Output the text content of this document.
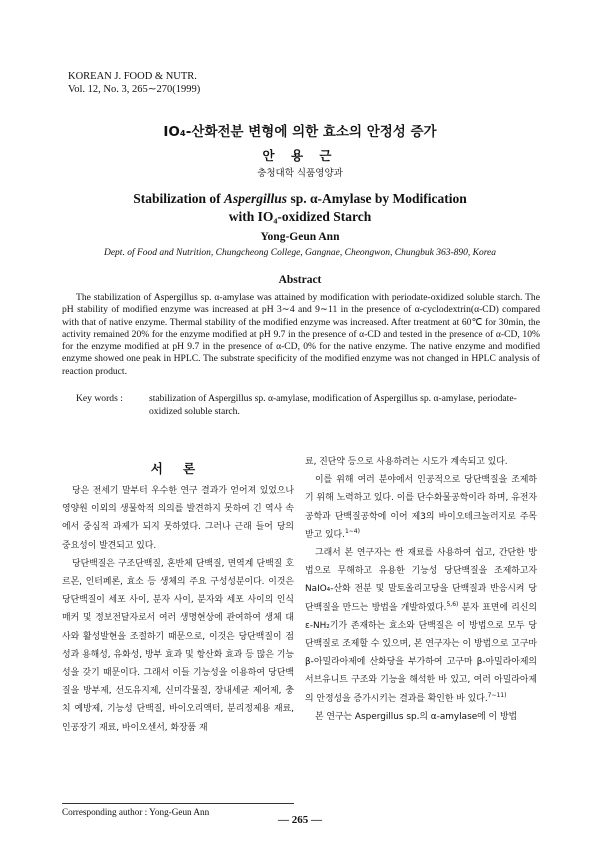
KOREAN J. FOOD & NUTR.
Vol. 12, No. 3, 265∼270(1999)
IO₄-산화전분 변형에 의한 효소의 안정성 증가
안 용 근
충청대학 식품영양과
Stabilization of Aspergillus sp. α-Amylase by Modification
with IO₄-oxidized Starch
Yong-Geun Ann
Dept. of Food and Nutrition, Chungcheong College, Gangnae, Cheongwon, Chungbuk 363-890, Korea
Abstract

The stabilization of Aspergillus sp. α-amylase was attained by modification with periodate-oxidized soluble starch. The pH stability of modified enzyme was increased at pH 3∼4 and 9∼11 in the presence of α-cyclodextrin(α-CD) compared with that of native enzyme. Thermal stability of the modified enzyme was increased. After treatment at 60℃ for 30min, the activity remained 20% for the enzyme modified at pH 9.7 in the presence of α-CD and tested in the presence of α-CD, 10% for the enzyme modified at pH 9.7 in the presence of α-CD, 0% for the native enzyme. The native enzyme and modified enzyme showed one peak in HPLC. The substrate specificity of the modified enzyme was not changed in HPLC analysis of reaction product.

Key words :	stabilization of Aspergillus sp. α-amylase, modification of Aspergillus sp. α-amylase, periodate-oxidized soluble starch.
서 론

당은 전세기 말부터 우수한 연구 결과가 얻어져 있었으나 영양원 이외의 생물학적 의의를 발견하지 못하여 긴 역사 속에서 중심적 과제가 되지 못하였다. 그러나 근래 들어 당의 중요성이 발견되고 있다.

당단백질은 구조단백질, 혼반체 단백질, 면역계 단백질 호르몬, 인터페론, 효소 등 생체의 주요 구성성분이다. 이것은 당단백질이 세포 사이, 분자 사이, 분자와 세포 사이의 인식매커 및 정보전달자로서 여러 생명현상에 관여하여 생체 대사와 활성발현을 조절하기 때문으로, 이것은 당단백질이 점성과 용해성, 유화성, 방부 효과 및 항산화 효과 등 많은 기능성을 갖기 때문이다. 그래서 이들 기능성을 이용하여 당단백질을 방부제, 선도유지제, 신미각물질, 장내세균 제어제, 충치 예방제, 기능성 단백질, 바이오리액터, 분리정제용 재료, 인공장기 재료, 바이오센서, 화장품 재

료, 진단약 등으로 사용하려는 시도가 계속되고 있다.

이를 위해 여러 분야에서 인공적으로 당단백질을 조제하기 위해 노력하고 있다. 이를 단수화물공학이라 하며, 유전자공학과 단백질공학에 이어 제3의 바이오테크놀러지로 주목받고 있다.$^{1\sim 4)}$

그래서 본 연구자는 싼 재료를 사용하여 쉽고, 간단한 방법으로 무해하고 유용한 기능성 당단백질을 조제하고자 NaIO₄-산화 전분 및 말토올리고당을 단백질과 반응시켜 당단백질을 만드는 방법을 개발하였다.$^{5,6)}$ 분자 표면에 리신의 ε-NH₂기가 존재하는 효소와 단백질은 이 방법으로 모두 당단백질로 조제할 수 있으며, 본 연구자는 이 방법으로 고구마 β-아밀라아제에 산화당을 부가하여 고구마 β-아밀라아제의 서브유니트 구조와 기능을 해석한 바 있고, 여러 아밀라아제의 안정성을 증가시키는 결과를 확인한 바 있다.$^{7\sim 11)}$

본 연구는 Aspergillus sp.의 α-amylase에 이 방법

Corresponding author : Yong-Geun Ann
— 265 —
